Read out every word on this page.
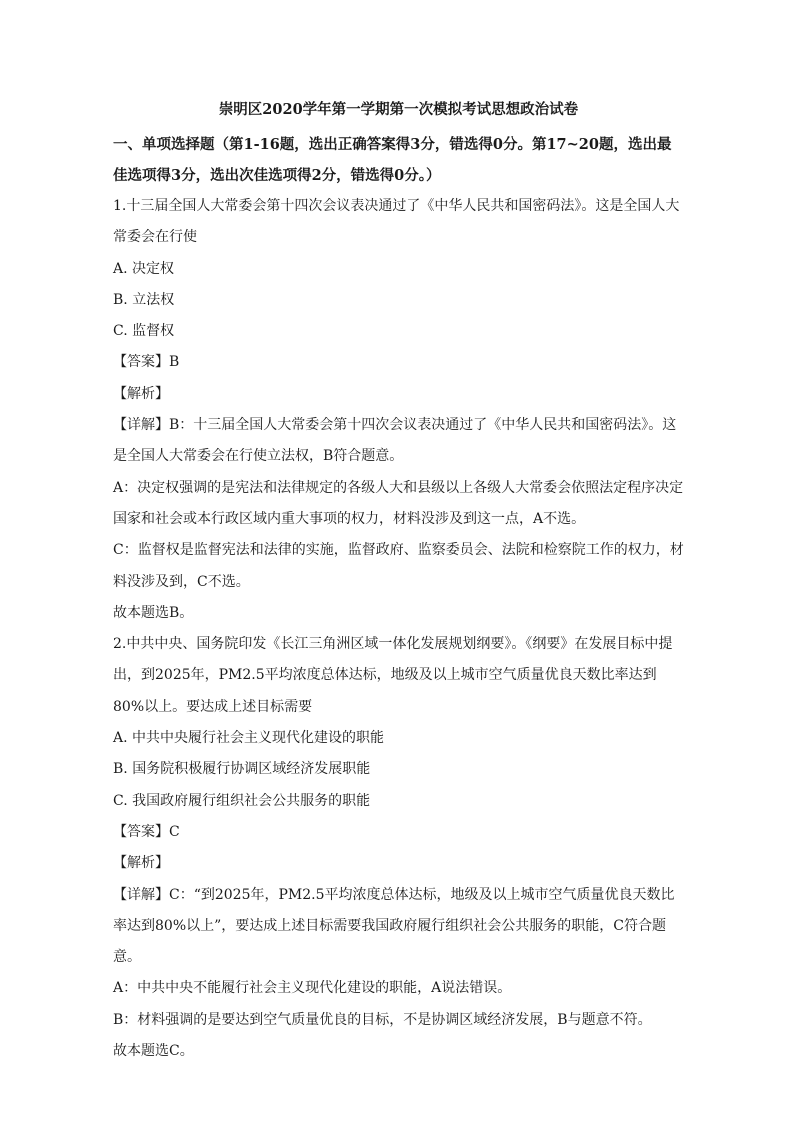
崇明区2020学年第一学期第一次模拟考试思想政治试卷

一、单项选择题（第1-16题，选出正确答案得3分，错选得0分。第17~20题，选出最佳选项得3分，选出次佳选项得2分，错选得0分。）

1.十三届全国人大常委会第十四次会议表决通过了《中华人民共和国密码法》。这是全国人大常委会在行使

A. 决定权

B. 立法权

C. 监督权

【答案】B

【解析】

【详解】B：十三届全国人大常委会第十四次会议表决通过了《中华人民共和国密码法》。这是全国人大常委会在行使立法权，B符合题意。

A：决定权强调的是宪法和法律规定的各级人大和县级以上各级人大常委会依照法定程序决定国家和社会或本行政区域内重大事项的权力，材料没涉及到这一点，A不选。

C：监督权是监督宪法和法律的实施，监督政府、监察委员会、法院和检察院工作的权力，材料没涉及到，C不选。

故本题选B。

2.中共中央、国务院印发《长江三角洲区域一体化发展规划纲要》。《纲要》在发展目标中提出，到2025年，PM2.5平均浓度总体达标，地级及以上城市空气质量优良天数比率达到80%以上。要达成上述目标需要

A. 中共中央履行社会主义现代化建设的职能

B. 国务院积极履行协调区域经济发展职能

C. 我国政府履行组织社会公共服务的职能

【答案】C

【解析】

【详解】C：“到2025年，PM2.5平均浓度总体达标，地级及以上城市空气质量优良天数比率达到80%以上”，要达成上述目标需要我国政府履行组织社会公共服务的职能，C符合题意。

A：中共中央不能履行社会主义现代化建设的职能，A说法错误。

B：材料强调的是要达到空气质量优良的目标，不是协调区域经济发展，B与题意不符。

故本题选C。
